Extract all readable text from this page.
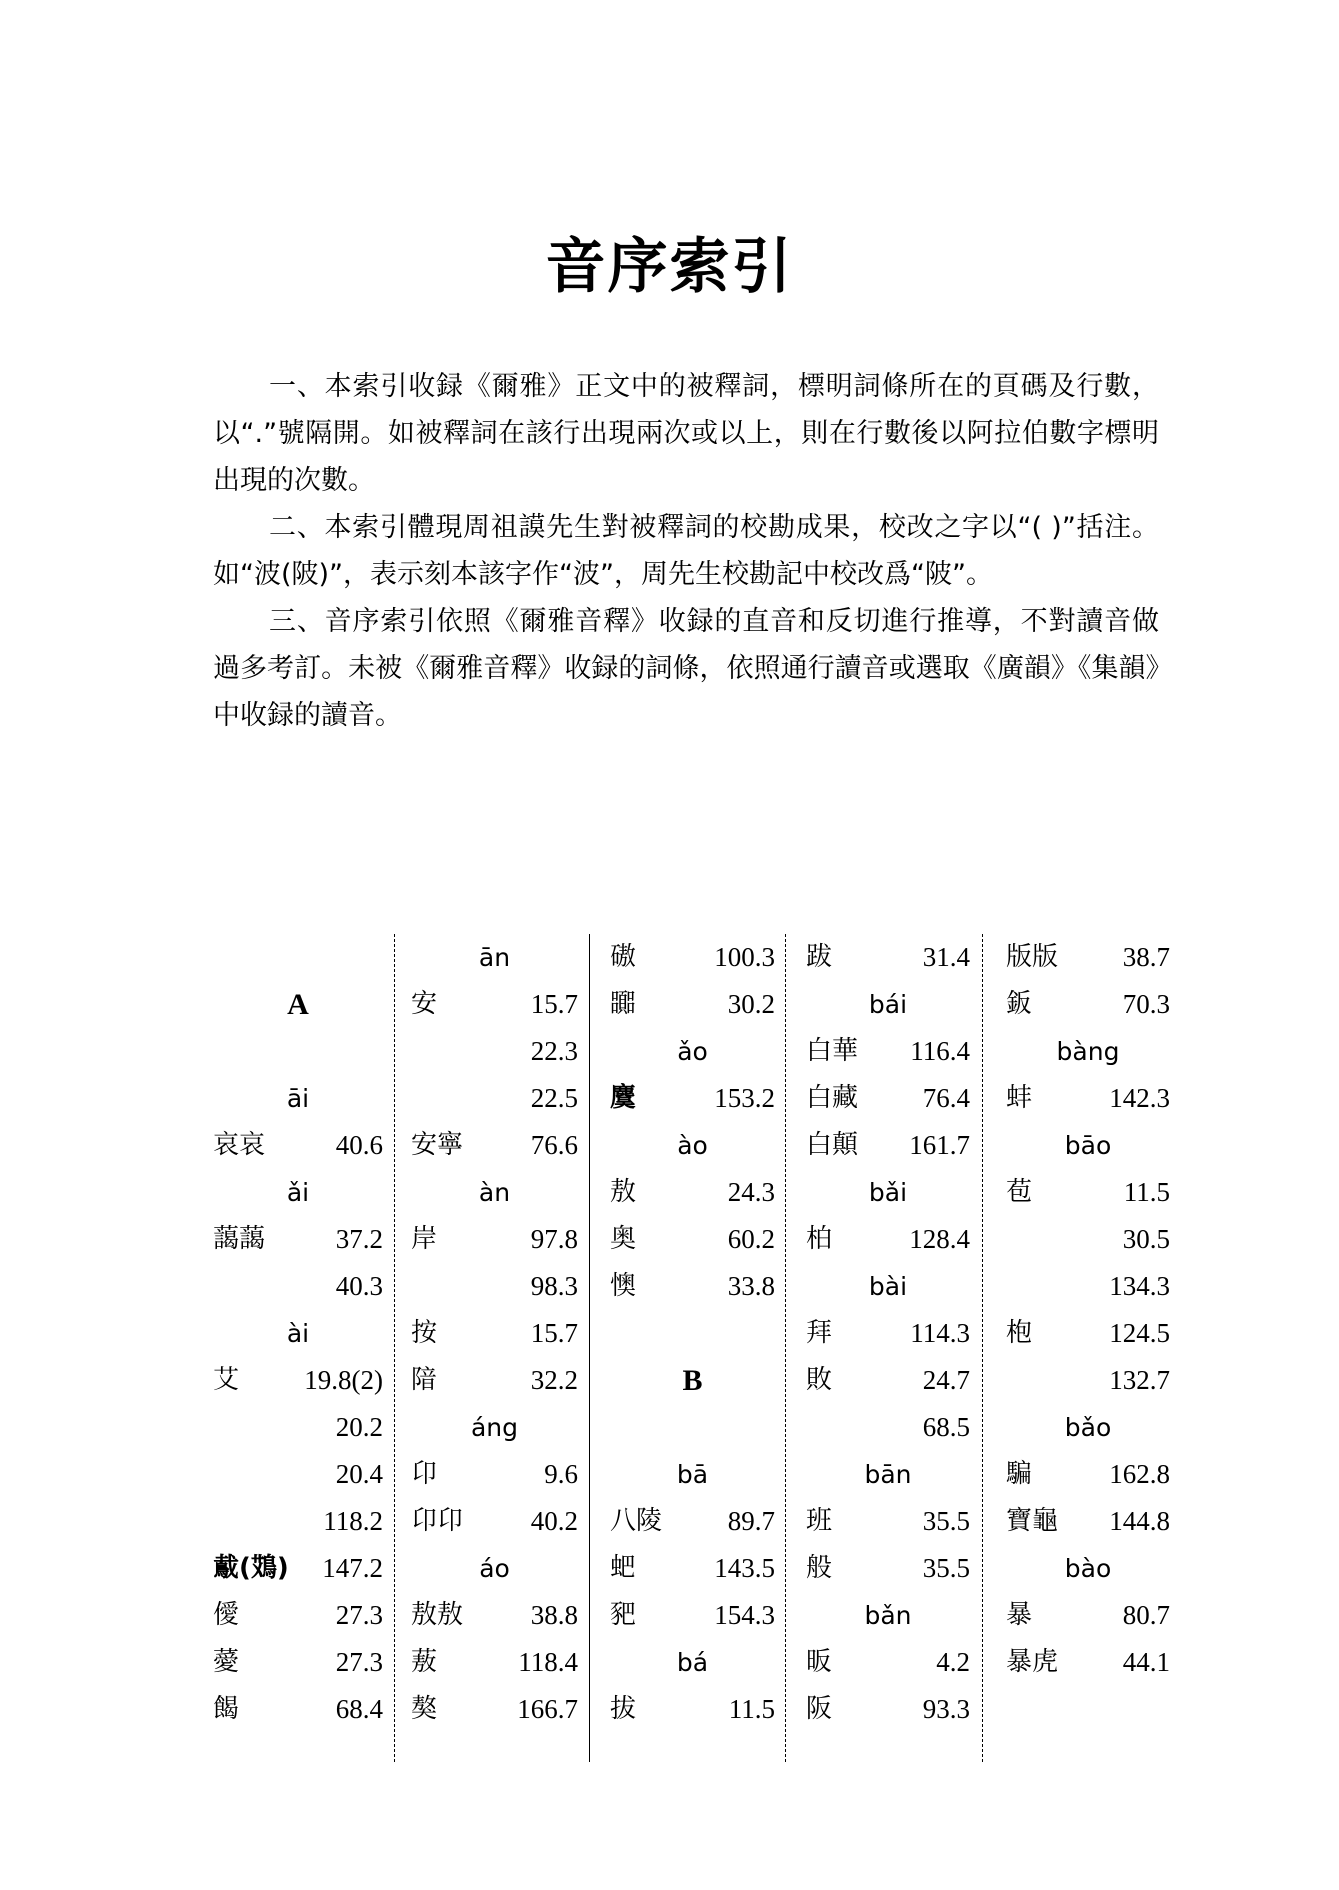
音序索引

一、本索引收録《爾雅》正文中的被釋詞，標明詞條所在的頁碼及行數，以“.”號隔開。如被釋詞在該行出現兩次或以上，則在行數後以阿拉伯數字標明出現的次數。

二、本索引體現周祖謨先生對被釋詞的校勘成果，校改之字以“( )”括注。如“波(陂)”，表示刻本該字作“波”，周先生校勘記中校改爲“陂”。

三、音序索引依照《爾雅音釋》收録的直音和反切進行推導，不對讀音做過多考訂。未被《爾雅音釋》收録的詞條，依照通行讀音或選取《廣韻》《集韻》中收録的讀音。

A
āi
哀哀	40.6
ǎi
藹藹	37.2
40.3
ài
艾 19.8(2)
20.2
20.4
118.2
䳒(鴱) 147.2
僾	27.3
薆	27.3
餲	68.4
ān
安	15.7
22.3
22.5
安寧	76.6
àn
岸	97.8
98.3
按	15.7
隌	32.2
áng
卬	9.6
卬卬	40.2
áo
敖敖	38.8
蔜	118.4
獒	166.7
磝	100.3
嚻	30.2
ǎo
麌	153.2
ào
敖	24.3
奥	60.2
懊	33.8
B
bā
八陵 89.7
蚆	143.5
豝	154.3
bá
拔	11.5
跋	31.4
bái
白華 116.4
白藏 76.4
白顛 161.7
bǎi
柏	128.4
bài
拜	114.3
敗	24.7
68.5
bān
班	35.5
般	35.5
bǎn
昄	4.2
阪	93.3
版版 38.7
鈑	70.3
bàng
蚌	142.3
bāo
苞	11.5
30.5
134.3
枹	124.5
132.7
bǎo
騙	162.8
寶龜 144.8
bào
暴	80.7
暴虎 44.1
